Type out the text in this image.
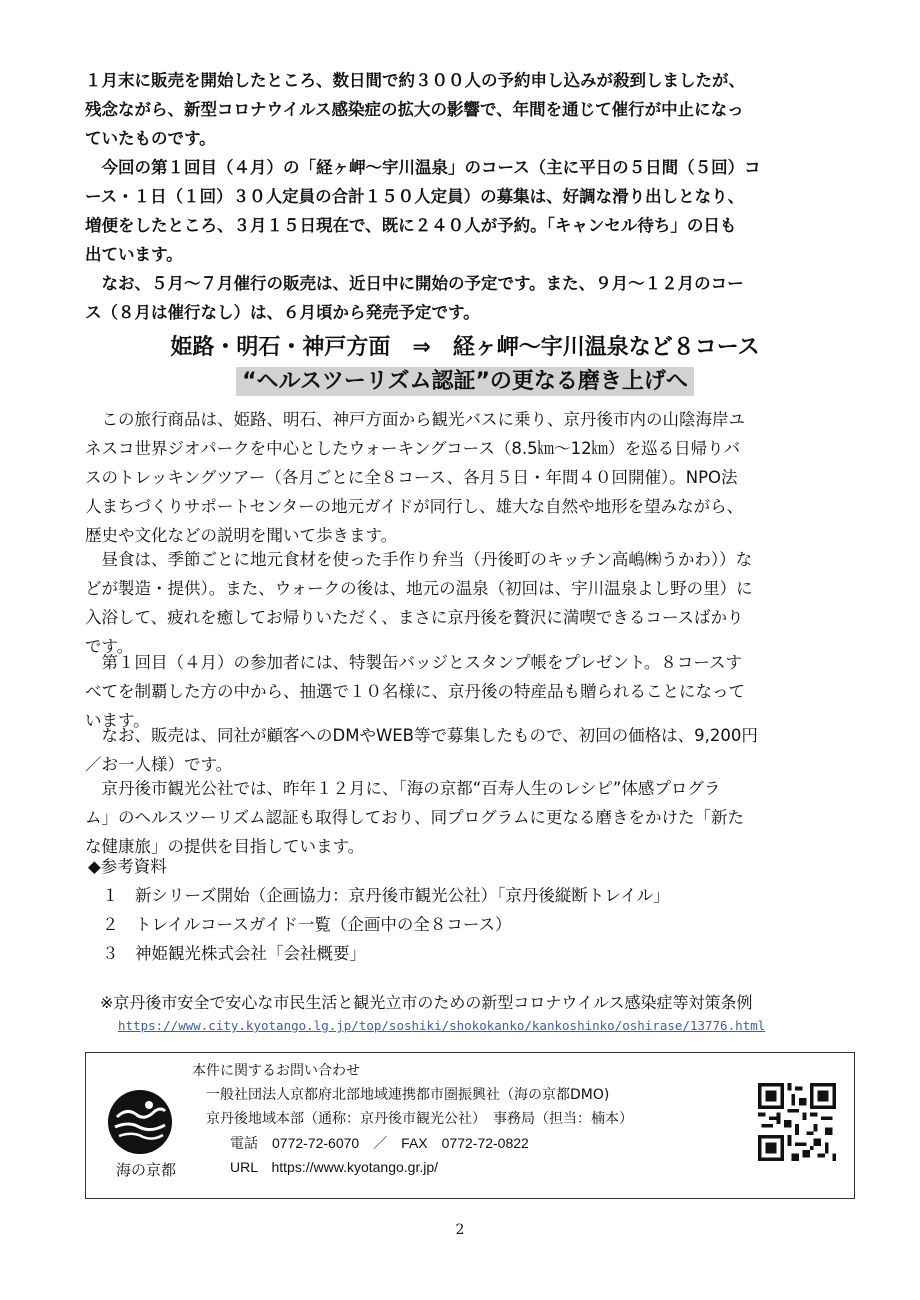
１月末に販売を開始したところ、数日間で約３００人の予約申し込みが殺到しましたが、
残念ながら、新型コロナウイルス感染症の拡大の影響で、年間を通じて催行が中止になっ
ていたものです。
　今回の第１回目（４月）の「経ヶ岬～宇川温泉」のコース（主に平日の５日間（５回）コ
ース・１日（１回）３０人定員の合計１５０人定員）の募集は、好調な滑り出しとなり、
増便をしたところ、３月１５日現在で、既に２４０人が予約。「キャンセル待ち」の日も
出ています。
　なお、５月～７月催行の販売は、近日中に開始の予定です。また、９月～１２月のコー
ス（８月は催行なし）は、６月頃から発売予定です。
姫路・明石・神戸方面　⇒　経ヶ岬～宇川温泉など８コース
“ヘルスツーリズム認証”の更なる磨き上げへ
　この旅行商品は、姫路、明石、神戸方面から観光バスに乗り、京丹後市内の山陰海岸ユ
ネスコ世界ジオパークを中心としたウォーキングコース（8.5㎞～12㎞）を巡る日帰りバ
スのトレッキングツアー（各月ごとに全８コース、各月５日・年間４０回開催）。NPO法
人まちづくりサポートセンターの地元ガイドが同行し、雄大な自然や地形を望みながら、
歴史や文化などの説明を聞いて歩きます。
　昼食は、季節ごとに地元食材を使った手作り弁当（丹後町のキッチン高嶋㈱うかわ））な
どが製造・提供）。また、ウォークの後は、地元の温泉（初回は、宇川温泉よし野の里）に
入浴して、疲れを癒してお帰りいただく、まさに京丹後を贅沢に満喫できるコースばかり
です。
　第１回目（４月）の参加者には、特製缶バッジとスタンプ帳をプレゼント。８コースす
べてを制覇した方の中から、抽選で１０名様に、京丹後の特産品も贈られることになって
います。
　なお、販売は、同社が顧客へのDMやWEB等で募集したもので、初回の価格は、9,200円
／お一人様）です。
　京丹後市観光公社では、昨年１２月に、「海の京都“百寿人生のレシピ”体感プログラ
ム」のヘルスツーリズム認証も取得しており、同プログラムに更なる磨きをかけた「新た
な健康旅」の提供を目指しています。
◆参考資料
１　新シリーズ開始（企画協力：京丹後市観光公社）「京丹後縦断トレイル」
２　トレイルコースガイド一覧（企画中の全８コース）
３　神姫観光株式会社「会社概要」
※京丹後市安全で安心な市民生活と観光立市のための新型コロナウイルス感染症等対策条例
https://www.city.kyotango.lg.jp/top/soshiki/shokokanko/kankoshinko/oshirase/13776.html
海の京都
本件に関するお問い合わせ
一般社団法人京都府北部地域連携都市圏振興社（海の京都DMO)
京丹後地域本部（通称：京丹後市観光公社）　事務局（担当：楠本）
電話　0772-72-6070　／　FAX　0772-72-0822
URL　https://www.kyotango.gr.jp/
2
